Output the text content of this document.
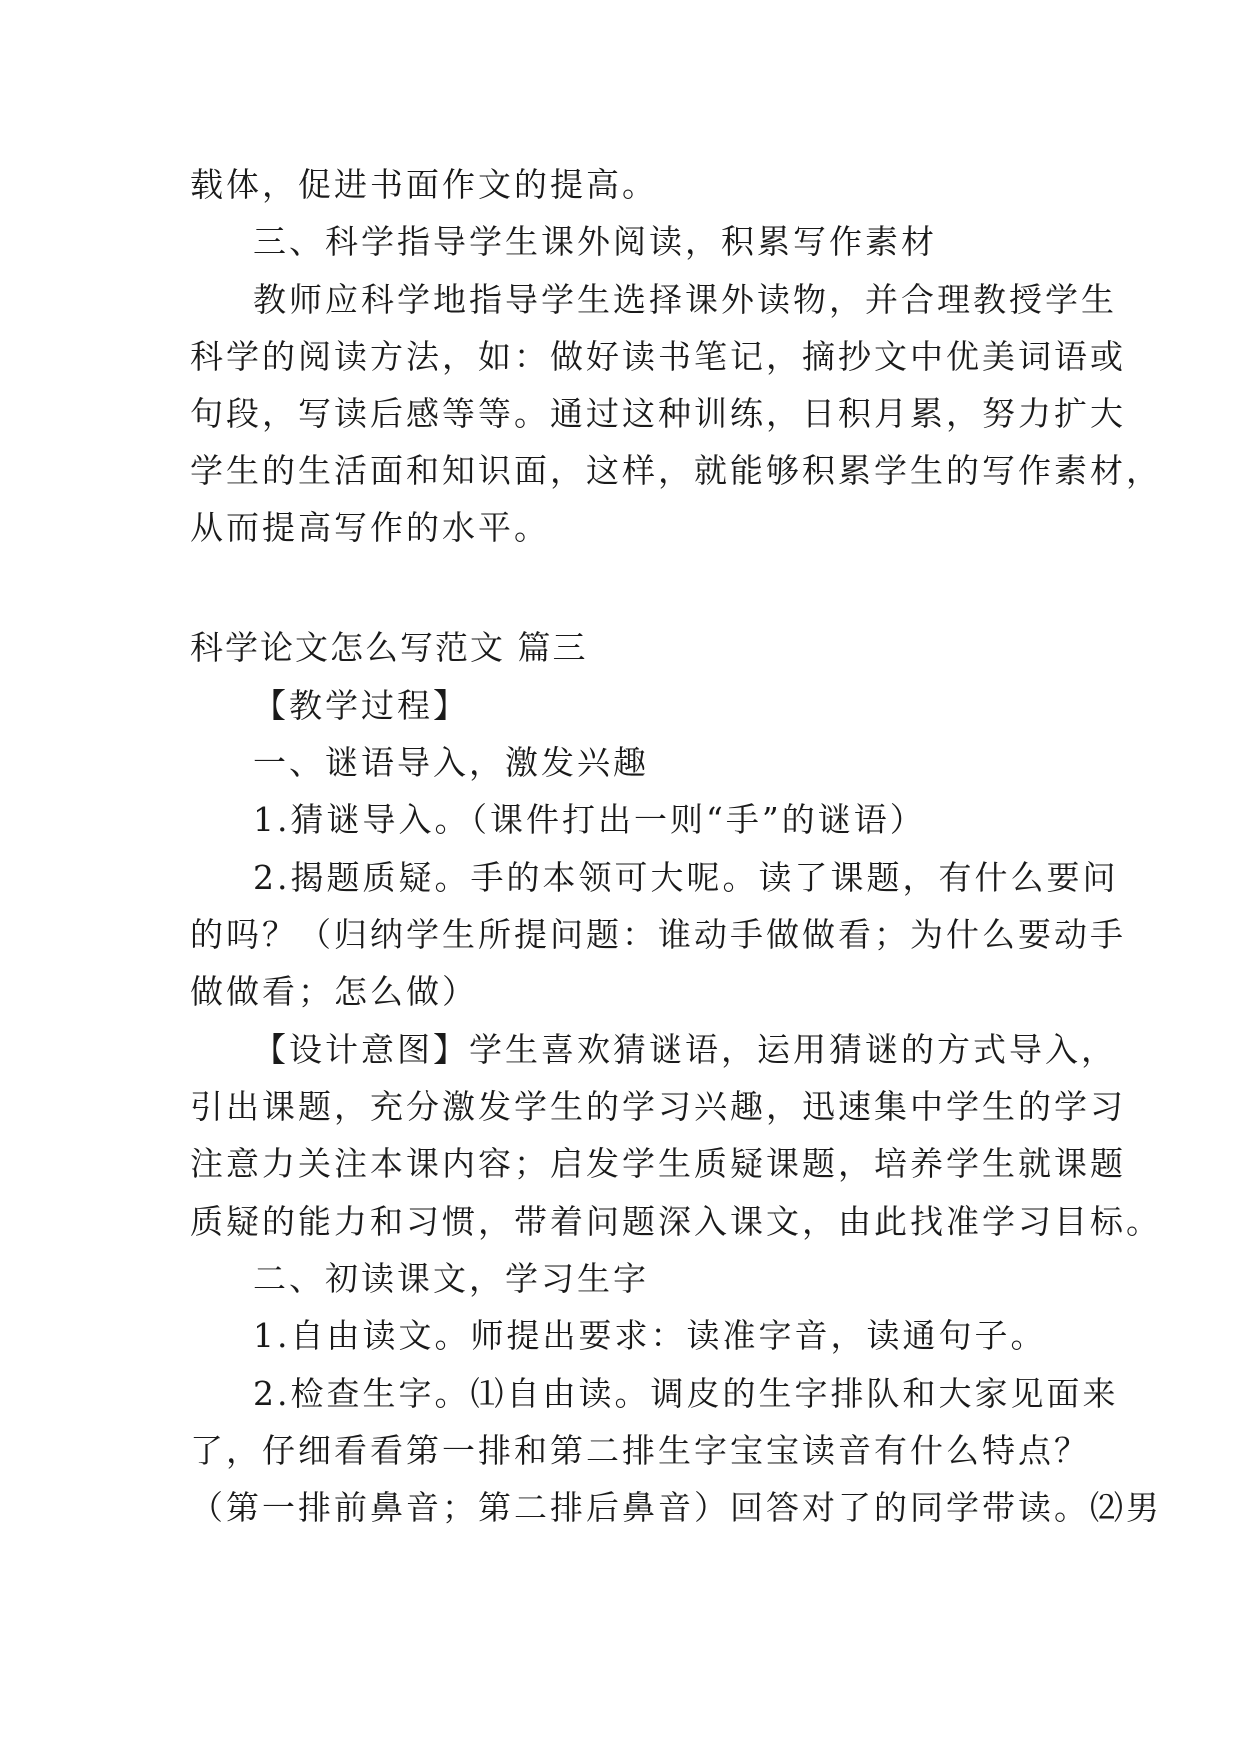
载体，促进书面作文的提高。
三、科学指导学生课外阅读，积累写作素材
教师应科学地指导学生选择课外读物，并合理教授学生
科学的阅读方法，如：做好读书笔记，摘抄文中优美词语或
句段，写读后感等等。通过这种训练，日积月累，努力扩大
学生的生活面和知识面，这样，就能够积累学生的写作素材，
从而提高写作的水平。
科学论文怎么写范文 篇三
【教学过程】
一、谜语导入，激发兴趣
1.猜谜导入。（课件打出一则“手”的谜语）
2.揭题质疑。手的本领可大呢。读了课题，有什么要问
的吗？（归纳学生所提问题：谁动手做做看；为什么要动手
做做看；怎么做）
【设计意图】学生喜欢猜谜语，运用猜谜的方式导入，
引出课题，充分激发学生的学习兴趣，迅速集中学生的学习
注意力关注本课内容；启发学生质疑课题，培养学生就课题
质疑的能力和习惯，带着问题深入课文，由此找准学习目标。
二、初读课文，学习生字
1.自由读文。师提出要求：读准字音，读通句子。
2.检查生字。⑴自由读。调皮的生字排队和大家见面来
了，仔细看看第一排和第二排生字宝宝读音有什么特点？
（第一排前鼻音；第二排后鼻音）回答对了的同学带读。⑵男
